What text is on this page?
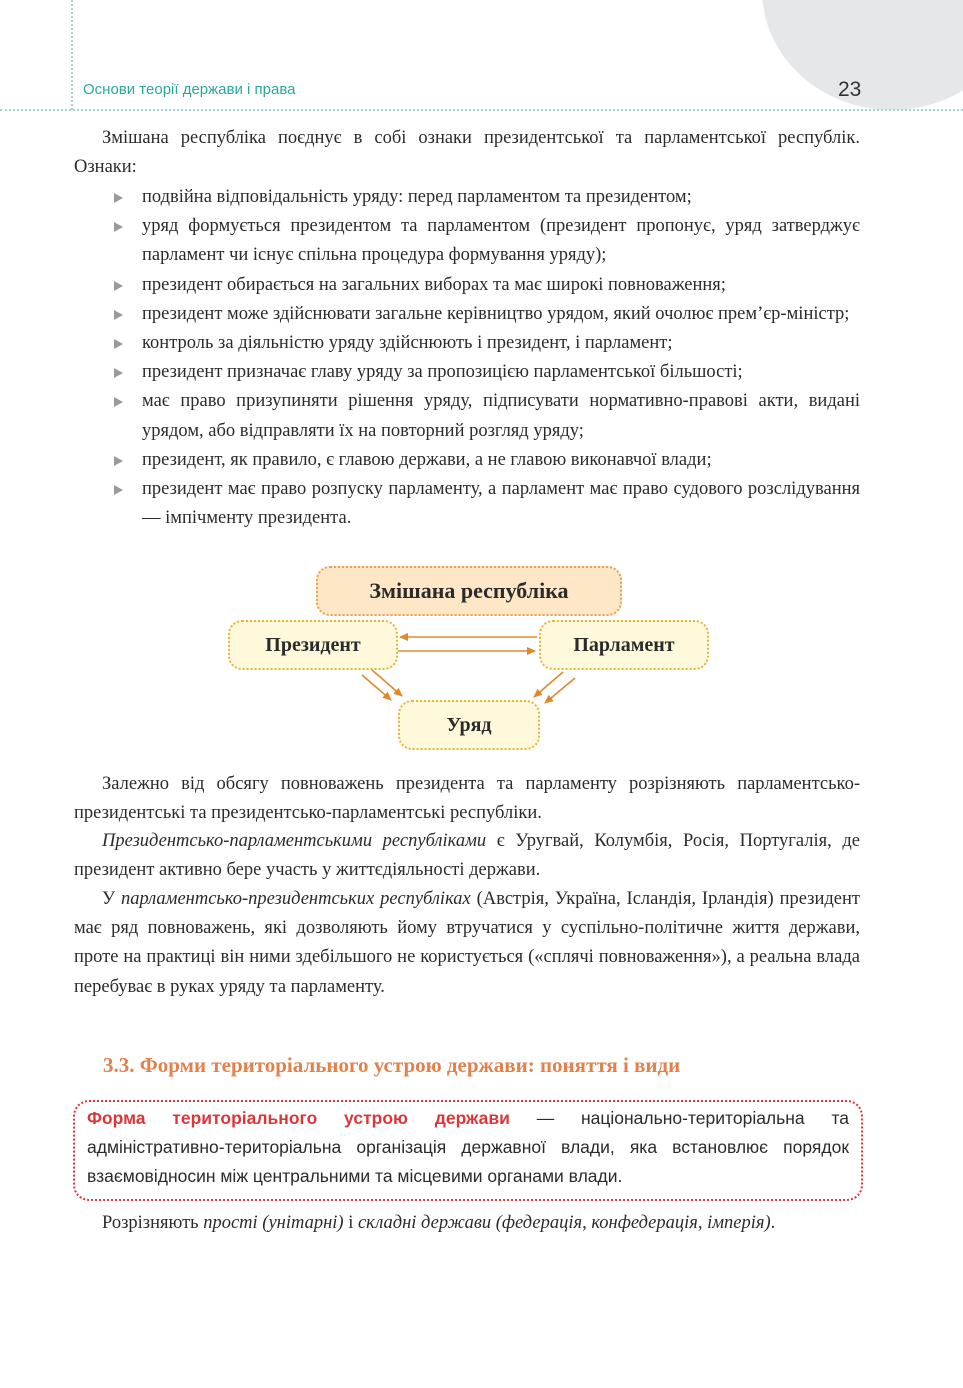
Основи теорії держави і права	23

Змішана республіка поєднує в собі ознаки президентської та парламентської республік. Ознаки:

подвійна відповідальність уряду: перед парламентом та президентом;
уряд формується президентом та парламентом (президент пропонує, уряд затверджує парламент чи існує спільна процедура формування уряду);
президент обирається на загальних виборах та має широкі повноваження;
президент може здійснювати загальне керівництво урядом, який очолює прем’єр-міністр;
контроль за діяльністю уряду здійснюють і президент, і парламент;
президент призначає главу уряду за пропозицією парламентської більшості;
має право призупиняти рішення уряду, підписувати нормативно-правові акти, видані урядом, або відправляти їх на повторний розгляд уряду;
президент, як правило, є главою держави, а не главою виконавчої влади;
президент має право розпуску парламенту, а парламент має право судового розслідування — імпічменту президента.
Змішана республіка
Президент	Парламент
Уряд

Залежно від обсягу повноважень президента та парламенту розрізняють парламентсько-президентські та президентсько-парламентські республіки.

Президентсько-парламентськими республіками є Уругвай, Колумбія, Росія, Португалія, де президент активно бере участь у життєдіяльності держави.

У парламентсько-президентських республіках (Австрія, Україна, Ісландія, Ірландія) президент має ряд повноважень, які дозволяють йому втручатися у суспільно-політичне життя держави, проте на практиці він ними здебільшого не користується («сплячі повноваження»), а реальна влада перебуває в руках уряду та парламенту.

3.3. Форми територіального устрою держави: поняття і види
Форма територіального устрою держави — національно-територіальна та адміністративно-територіальна організація державної влади, яка встановлює порядок взаємовідносин між центральними та місцевими органами влади.

Розрізняють прості (унітарні) і складні держави (федерація, конфедерація, імперія).
